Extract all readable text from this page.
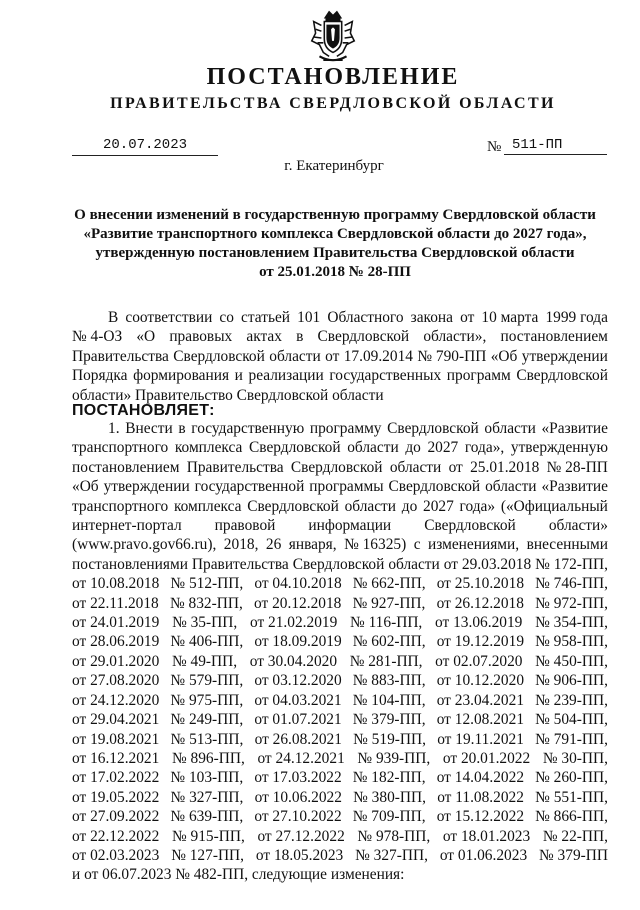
ПОСТАНОВЛЕНИЕ
ПРАВИТЕЛЬСТВА СВЕРДЛОВСКОЙ ОБЛАСТИ
20.07.2023	№ 511-ПП
г. Екатеринбург
О внесении изменений в государственную программу Свердловской области
«Развитие транспортного комплекса Свердловской области до 2027 года»,
утвержденную постановлением Правительства Свердловской области
от 25.01.2018 № 28-ПП
В соответствии со статьей 101 Областного закона от 10 марта 1999 года
№ 4-ОЗ «О правовых актах в Свердловской области», постановлением
Правительства Свердловской области от 17.09.2014 № 790-ПП «Об утверждении
Порядка формирования и реализации государственных программ Свердловской
области» Правительство Свердловской области
ПОСТАНОВЛЯЕТ:
1. Внести в государственную программу Свердловской области «Развитие
транспортного комплекса Свердловской области до 2027 года», утвержденную
постановлением Правительства Свердловской области от 25.01.2018 № 28-ПП
«Об утверждении государственной программы Свердловской области «Развитие
транспортного комплекса Свердловской области до 2027 года» («Официальный
интернет-портал правовой информации Свердловской области»
(www.pravo.gov66.ru), 2018, 26 января, № 16325) с изменениями, внесенными
постановлениями Правительства Свердловской области от 29.03.2018 № 172-ПП,
от 10.08.2018 № 512-ПП, от 04.10.2018 № 662-ПП, от 25.10.2018 № 746-ПП,
от 22.11.2018 № 832-ПП, от 20.12.2018 № 927-ПП, от 26.12.2018 № 972-ПП,
от 24.01.2019 № 35-ПП, от 21.02.2019 № 116-ПП, от 13.06.2019 № 354-ПП,
от 28.06.2019 № 406-ПП, от 18.09.2019 № 602-ПП, от 19.12.2019 № 958-ПП,
от 29.01.2020 № 49-ПП, от 30.04.2020 № 281-ПП, от 02.07.2020 № 450-ПП,
от 27.08.2020 № 579-ПП, от 03.12.2020 № 883-ПП, от 10.12.2020 № 906-ПП,
от 24.12.2020 № 975-ПП, от 04.03.2021 № 104-ПП, от 23.04.2021 № 239-ПП,
от 29.04.2021 № 249-ПП, от 01.07.2021 № 379-ПП, от 12.08.2021 № 504-ПП,
от 19.08.2021 № 513-ПП, от 26.08.2021 № 519-ПП, от 19.11.2021 № 791-ПП,
от 16.12.2021 № 896-ПП, от 24.12.2021 № 939-ПП, от 20.01.2022 № 30-ПП,
от 17.02.2022 № 103-ПП, от 17.03.2022 № 182-ПП, от 14.04.2022 № 260-ПП,
от 19.05.2022 № 327-ПП, от 10.06.2022 № 380-ПП, от 11.08.2022 № 551-ПП,
от 27.09.2022 № 639-ПП, от 27.10.2022 № 709-ПП, от 15.12.2022 № 866-ПП,
от 22.12.2022 № 915-ПП, от 27.12.2022 № 978-ПП, от 18.01.2023 № 22-ПП,
от 02.03.2023 № 127-ПП, от 18.05.2023 № 327-ПП, от 01.06.2023 № 379-ПП
и от 06.07.2023 № 482-ПП, следующие изменения:
